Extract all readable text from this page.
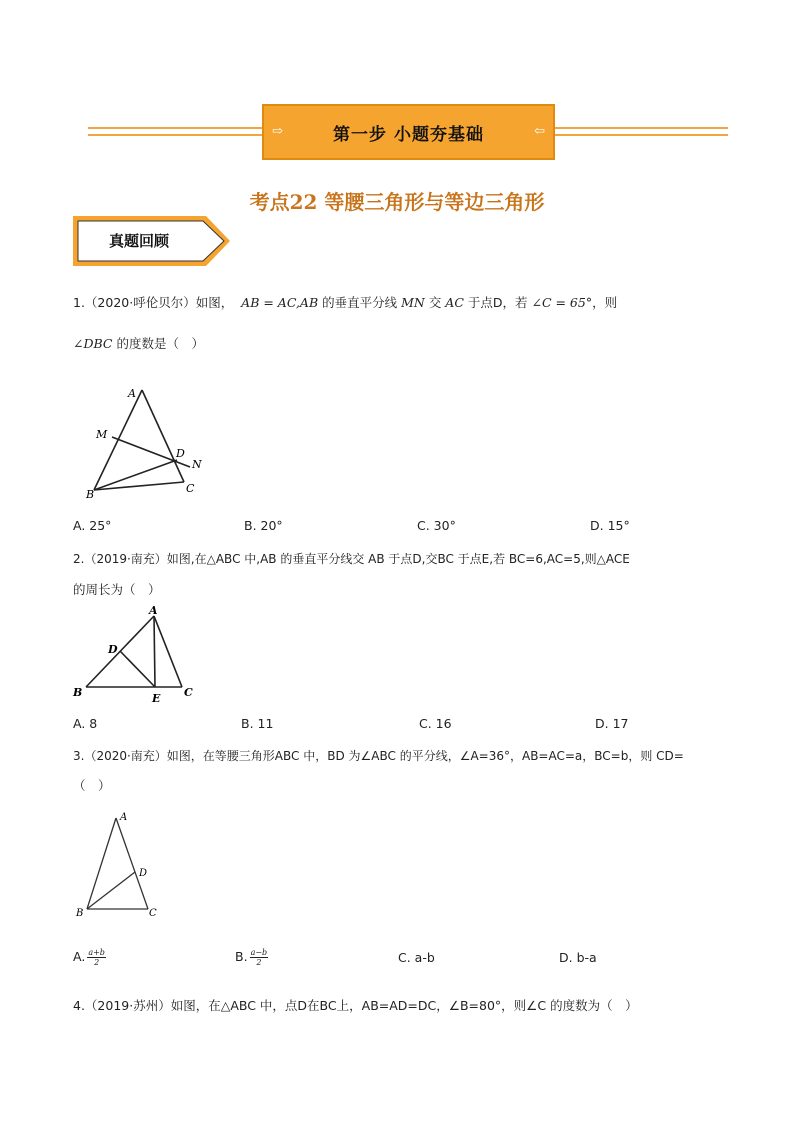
⇨	第一步 小题夯基础	⇦
考点22 等腰三角形与等边三角形
真题回顾
1.（2020·呼伦贝尔）如图， AB = AC,AB 的垂直平分线 MN 交 AC 于点D，若 ∠C = 65°，则
∠DBC 的度数是（　）
A
M
D
N
B	C
A. 25°	B. 20°	C. 30°	D. 15°
2.（2019·南充）如图,在△ABC 中,AB 的垂直平分线交 AB 于点D,交BC 于点E,若 BC=6,AC=5,则△ACE
的周长为（　）
A
D
B	E C
A. 8	B. 11	C. 16	D. 17
3.（2020·南充）如图，在等腰三角形ABC 中，BD 为∠ABC 的平分线，∠A=36°，AB=AC=a，BC=b，则 CD=
（　）
A
D
B	C
A. $\frac{a+b}{2}$	B. $\frac{a-b}{2}$	C. a-b	D. b-a
4.（2019·苏州）如图，在△ABC 中，点D在BC上，AB=AD=DC，∠B=80°，则∠C 的度数为（　）
